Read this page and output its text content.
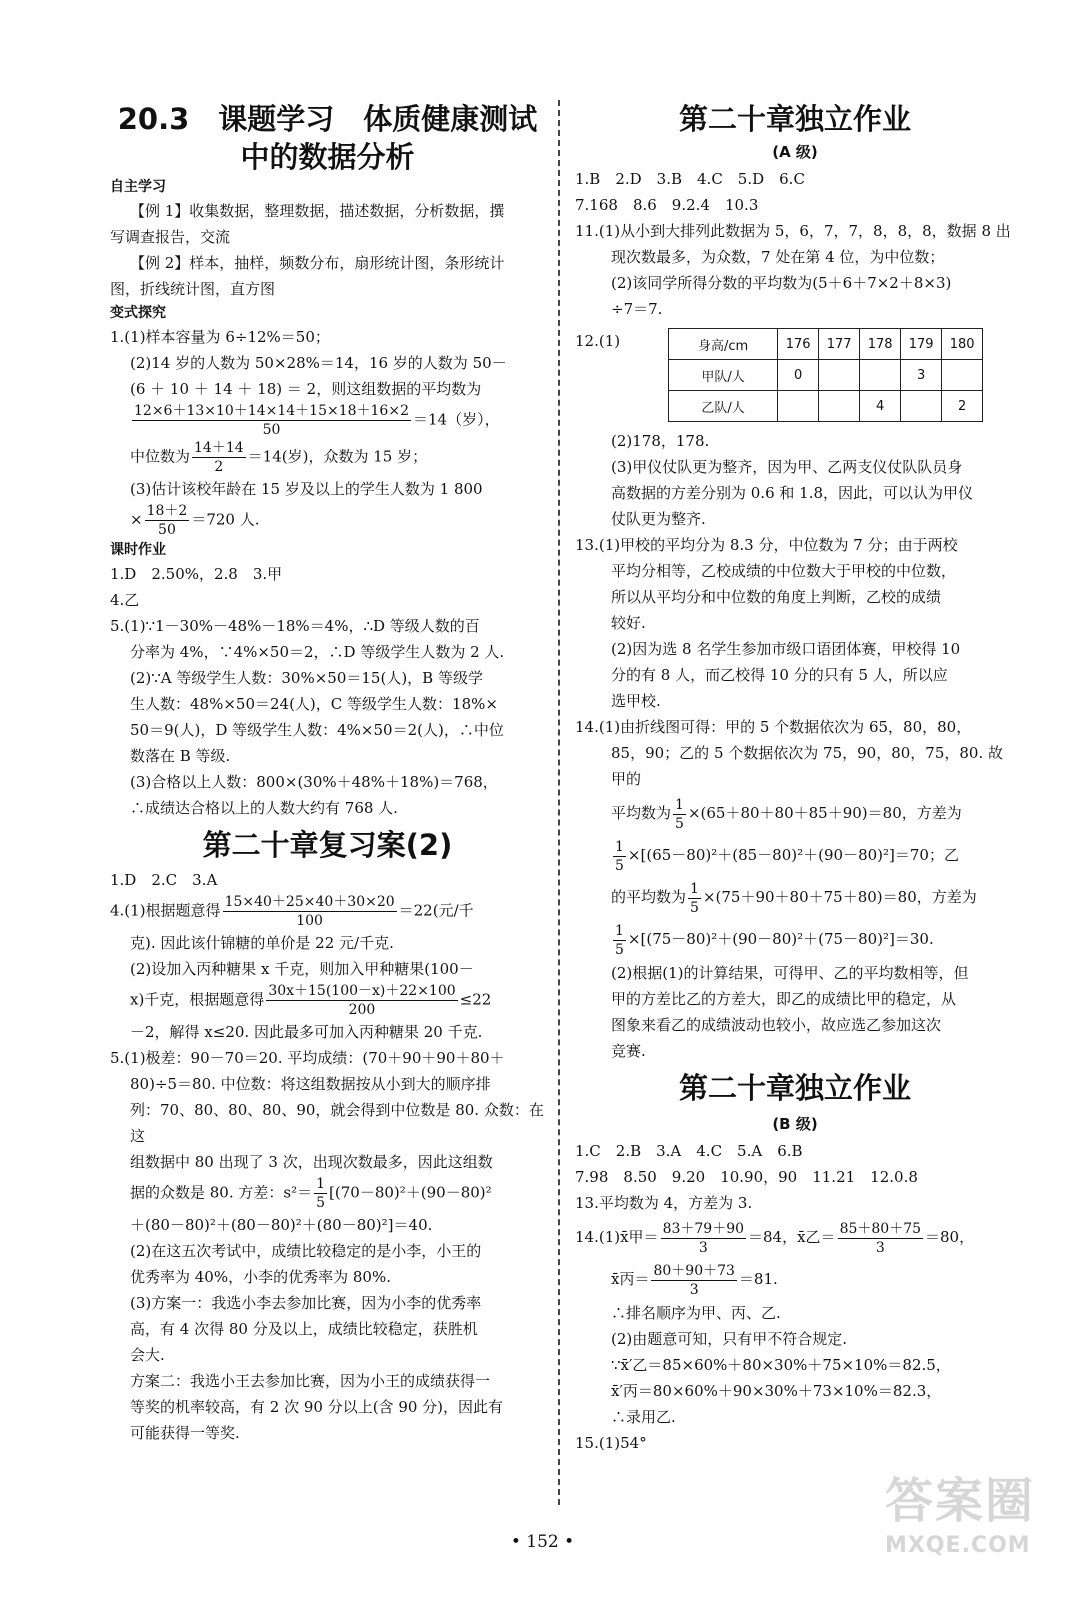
20.3　课题学习　体质健康测试
中的数据分析
自主学习

【例 1】收集数据，整理数据，描述数据，分析数据，撰

写调查报告，交流

【例 2】样本，抽样，频数分布，扇形统计图，条形统计

图，折线统计图，直方图

变式探究

1.(1)样本容量为 6÷12%＝50；

(2)14 岁的人数为 50×28%＝14，16 岁的人数为 50－

(6 ＋ 10 ＋ 14 ＋ 18) ＝ 2，则这组数据的平均数为

$\frac{12\times 6+13\times 10+14\times 14+15\times 18+16\times 2}{50} =14$（岁），

中位数为 $\frac{14+14}{2} =14$(岁)，众数为 15 岁；

(3)估计该校年龄在 15 岁及以上的学生人数为 1 800

× $\frac{18+2}{50} =720$ 人.

课时作业

1.D　2.50%，2.8　3.甲

4.乙

5.(1)∵1－30%－48%－18%＝4%，∴D 等级人数的百

分率为 4%，∵4%×50＝2，∴D 等级学生人数为 2 人.

(2)∵A 等级学生人数：30%×50＝15(人)，B 等级学

生人数：48%×50＝24(人)，C 等级学生人数：18%×

50＝9(人)，D 等级学生人数：4%×50＝2(人)，∴中位

数落在 B 等级.

(3)合格以上人数：800×(30%＋48%＋18%)＝768，

∴成绩达合格以上的人数大约有 768 人.

第二十章复习案(2)

1.D　2.C　3.A

4.(1)根据题意得 $\frac{15\times 40+25\times 40+30\times 20}{100} =22$(元/千

克). 因此该什锦糖的单价是 22 元/千克.

(2)设加入丙种糖果 x 千克，则加入甲种糖果(100－

x)千克，根据题意得 $\frac{30x+15(100-x)+22\times 100}{200} \le 22$

－2，解得 x≤20. 因此最多可加入丙种糖果 20 千克.

5.(1)极差：90－70＝20. 平均成绩：(70＋90＋90＋80＋

80)÷5＝80. 中位数：将这组数据按从小到大的顺序排

列：70、80、80、80、90，就会得到中位数是 80. 众数：在这

组数据中 80 出现了 3 次，出现次数最多，因此这组数

据的众数是 80. 方差：$s^2= \frac{1}{5} [(70-80)^2+(90-80)^2$

＋(80－80)²＋(80－80)²＋(80－80)²]＝40.

(2)在这五次考试中，成绩比较稳定的是小李，小王的

优秀率为 40%，小李的优秀率为 80%.

(3)方案一：我选小李去参加比赛，因为小李的优秀率

高，有 4 次得 80 分及以上，成绩比较稳定，获胜机

会大.

方案二：我选小王去参加比赛，因为小王的成绩获得一

等奖的机率较高，有 2 次 90 分以上(含 90 分)，因此有

可能获得一等奖.

第二十章独立作业
(A 级)

1.B　2.D　3.B　4.C　5.D　6.C

7.168　8.6　9.2.4　10.3

11.(1)从小到大排列此数据为 5，6，7，7，8，8，8，数据 8 出

现次数最多，为众数，7 处在第 4 位，为中位数；

(2)该同学所得分数的平均数为(5＋6＋7×2＋8×3)

÷7＝7.

12.(1)	身高/cm	176	177	178	179	180
甲队/人	0			3	
乙队/人			4		2

(2)178，178.

(3)甲仪仗队更为整齐，因为甲、乙两支仪仗队队员身

高数据的方差分别为 0.6 和 1.8，因此，可以认为甲仪

仗队更为整齐.

13.(1)甲校的平均分为 8.3 分，中位数为 7 分；由于两校

平均分相等，乙校成绩的中位数大于甲校的中位数，

所以从平均分和中位数的角度上判断，乙校的成绩

较好.

(2)因为选 8 名学生参加市级口语团体赛，甲校得 10

分的有 8 人，而乙校得 10 分的只有 5 人，所以应

选甲校.

14.(1)由折线图可得：甲的 5 个数据依次为 65，80，80，

85，90；乙的 5 个数据依次为 75，90，80，75，80. 故甲的

平均数为 $\frac{1}{5} \times(65+80+80+85+90)=80$，方差为

$\frac{1}{5} \times[(65-80)^2+(85-80)^2+(90-80)^2]=70$；乙

的平均数为 $\frac{1}{5} \times(75+90+80+75+80)=80$，方差为

$\frac{1}{5} \times[(75-80)^2+(90-80)^2+(75-80)^2]=30$.

(2)根据(1)的计算结果，可得甲、乙的平均数相等，但

甲的方差比乙的方差大，即乙的成绩比甲的稳定，从

图象来看乙的成绩波动也较小，故应选乙参加这次

竞赛.

第二十章独立作业
(B 级)

1.C　2.B　3.A　4.C　5.A　6.B

7.98　8.50　9.20　10.90，90　11.21　12.0.8

13.平均数为 4，方差为 3.

14.(1)x̄甲＝ $\frac{83+79+90}{3} =84$，x̄乙＝ $\frac{85+80+75}{3} =80$，

x̄丙＝ $\frac{80+90+73}{3} =81$.

∴排名顺序为甲、丙、乙.

(2)由题意可知，只有甲不符合规定.

∵x̄′乙＝85×60%＋80×30%＋75×10%＝82.5，

x̄′丙＝80×60%＋90×30%＋73×10%＝82.3，

∴录用乙.

15.(1)54°

• 152 •
答案圈
MXQE.COM
